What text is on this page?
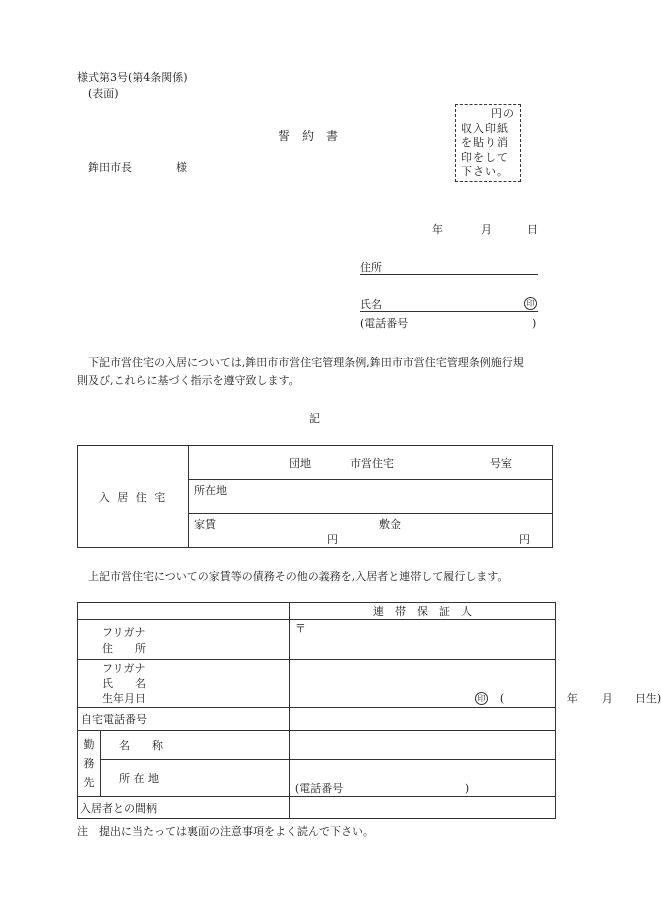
様式第3号(第4条関係)
(表面)
誓　約　書
鉾田市長　　　　様
円の
収入印紙
を貼り消
印をして
下さい。
年	月	日
住所
氏名	印
(電話番号	)
下記市営住宅の入居については,鉾田市市営住宅管理条例,鉾田市市営住宅管理条例施行規
則及び,これらに基づく指示を遵守致します。
記
入 居 住 宅	
団地	市営住宅	号室

所在地

家賃	敷金
円	円
上記市営住宅についての家賃等の債務その他の義務を,入居者と連帯して履行します。
		連　帯　保　証　人

フリガナ
住　　所		〒

フリガナ
氏　　名
生年月日		印 ( 年 月 日生)

自宅電話番号		

勤
務
先	名　　称	
	所 在 地	(電話番号 )

入居者との間柄		
注　提出に当たっては裏面の注意事項をよく読んで下さい。
